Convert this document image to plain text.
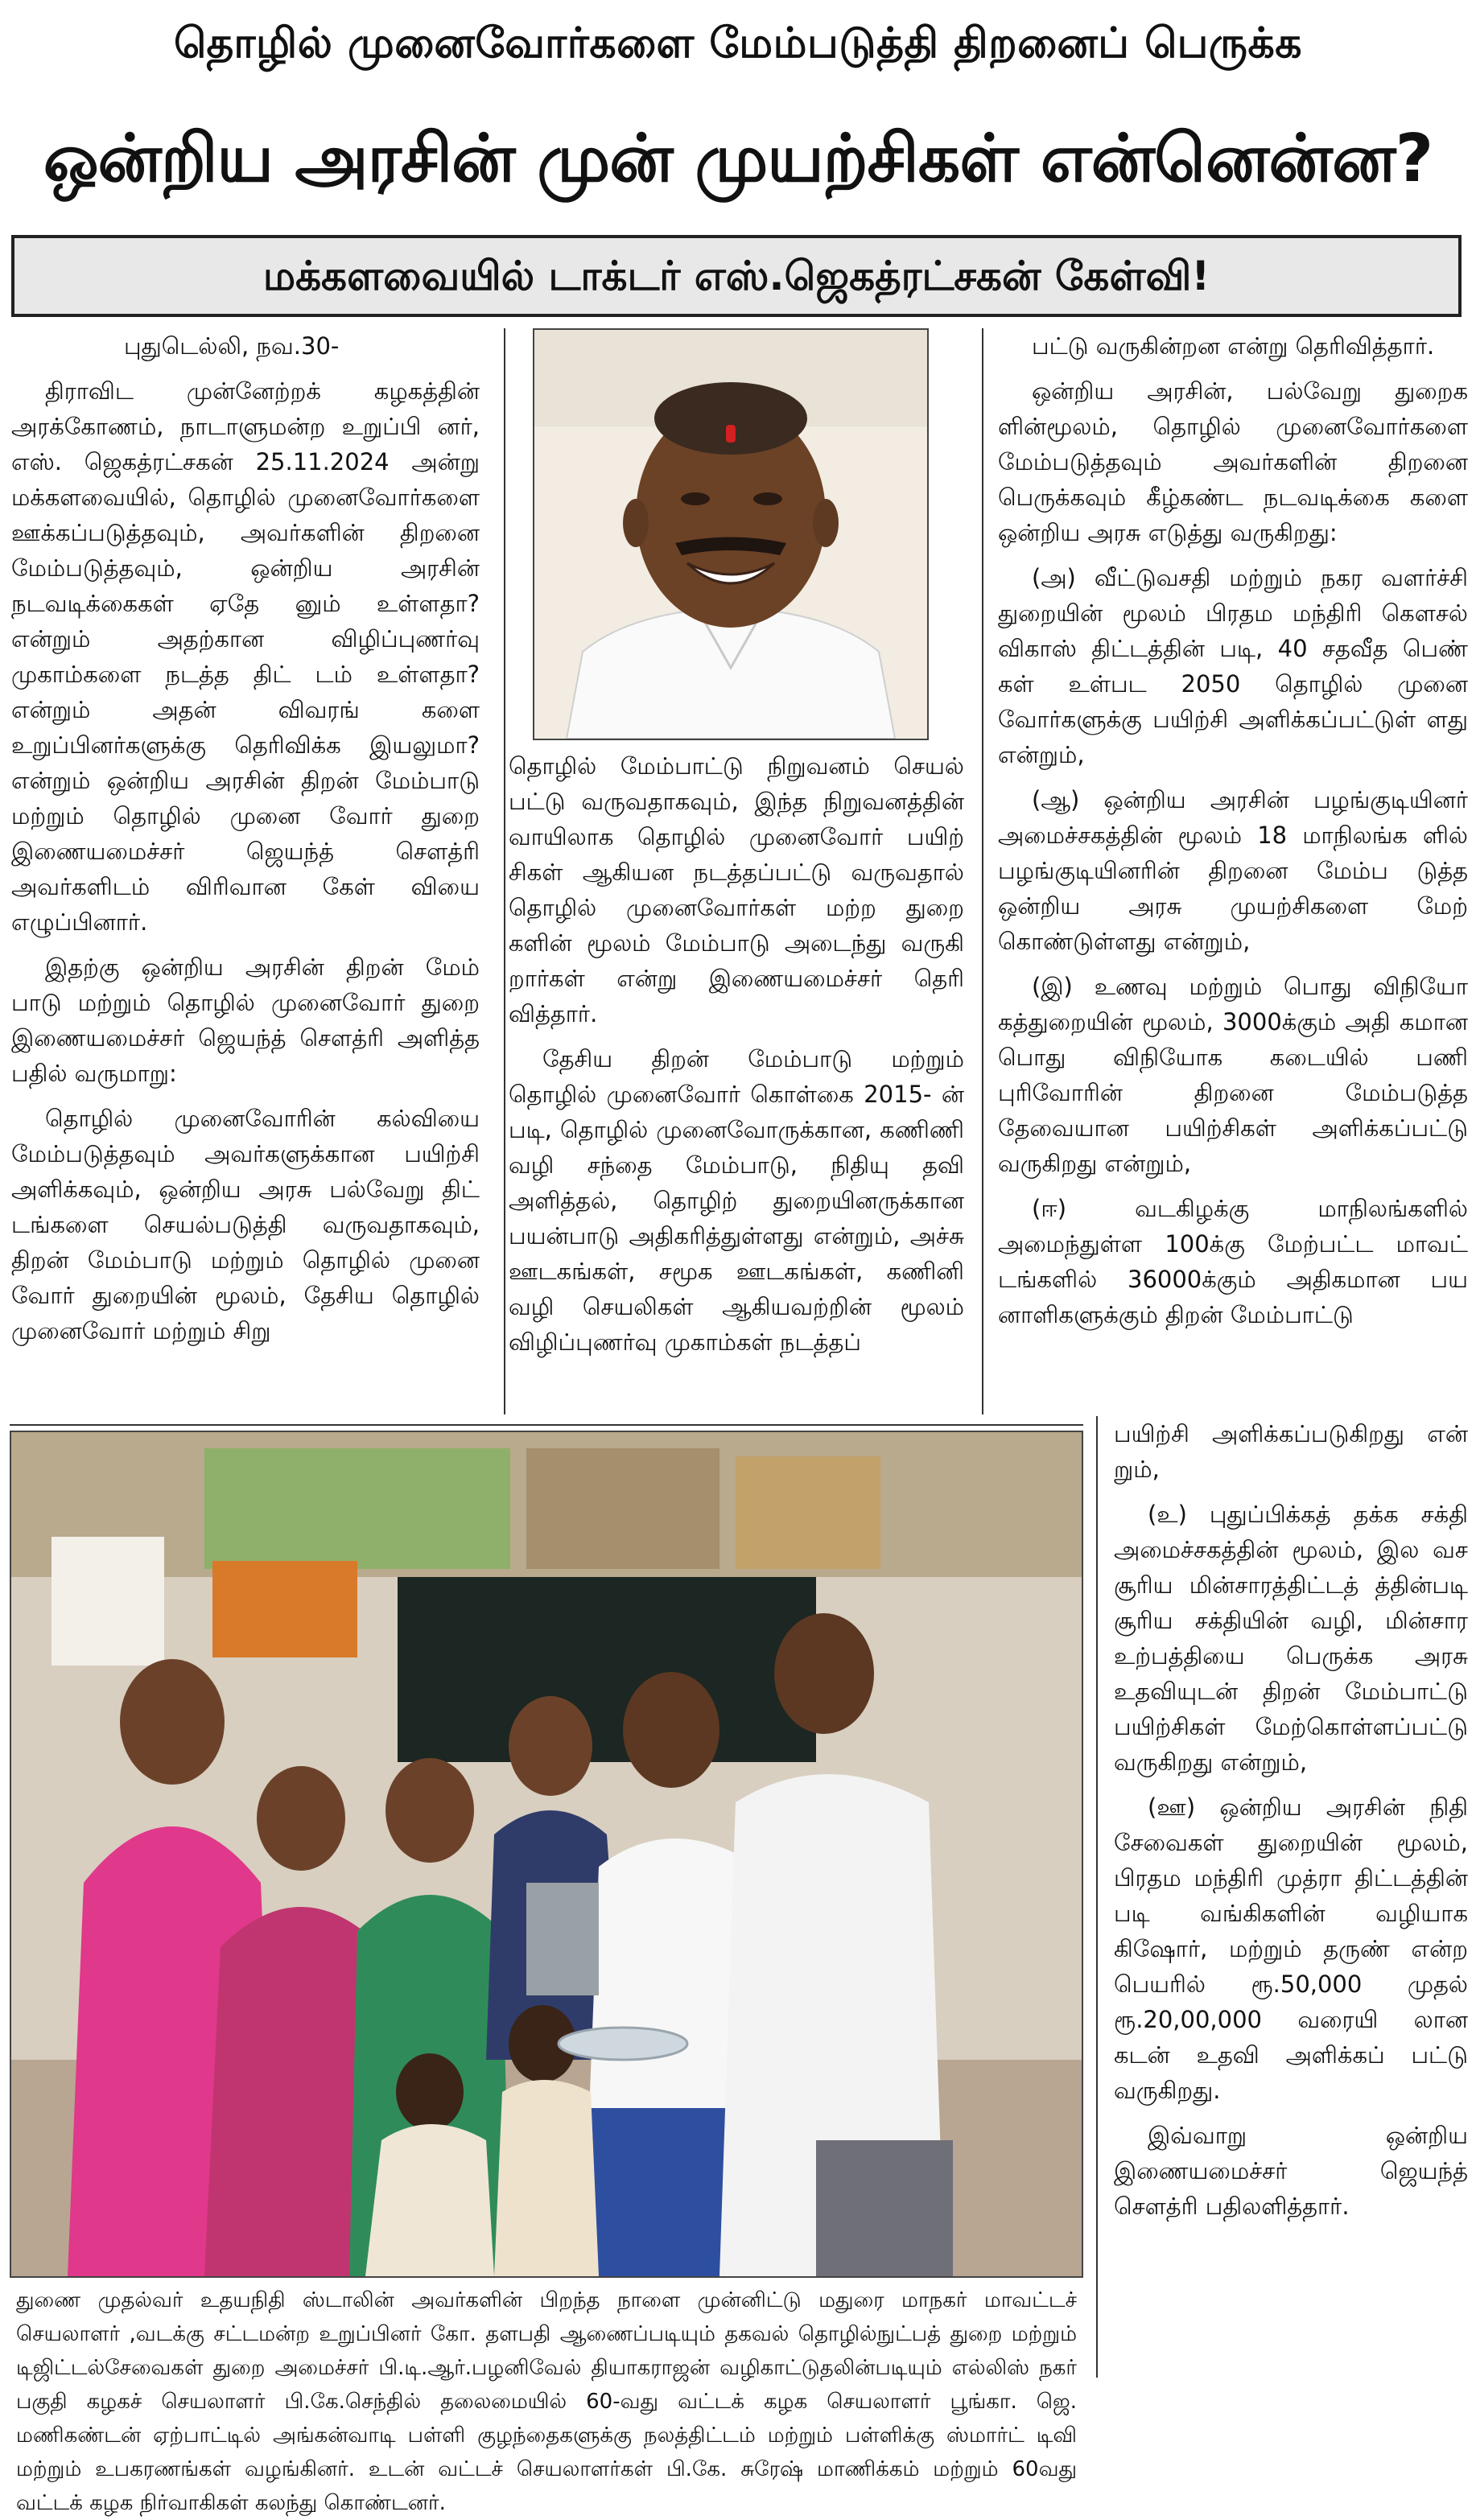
தொழில் முனைவோர்களை மேம்படுத்தி திறனைப் பெருக்க
ஒன்றிய அரசின் முன் முயற்சிகள் என்னென்ன?
மக்களவையில் டாக்டர் எஸ்.ஜெகத்ரட்சகன் கேள்வி!

புதுடெல்லி, நவ.30-

திராவிட முன்னேற்றக் கழகத்தின் அரக்கோணம், நாடாளுமன்ற உறுப்பி னர், எஸ். ஜெகத்ரட்சகன் 25.11.2024 அன்று மக்களவையில், தொழில் முனைவோர்களை ஊக்கப்படுத்தவும், அவர்களின் திறனை மேம்படுத்தவும், ஒன்றிய அரசின் நடவடிக்கைகள் ஏதே னும் உள்ளதா? என்றும் அதற்கான விழிப்புணர்வு முகாம்களை நடத்த திட் டம் உள்ளதா? என்றும் அதன் விவரங் களை உறுப்பினர்களுக்கு தெரிவிக்க இயலுமா? என்றும் ஒன்றிய அரசின் திறன் மேம்பாடு மற்றும் தொழில் முனை வோர் துறை இணையமைச்சர் ஜெயந்த் சௌத்ரி அவர்களிடம் விரிவான கேள் வியை எழுப்பினார்.

இதற்கு ஒன்றிய அரசின் திறன் மேம் பாடு மற்றும் தொழில் முனைவோர் துறை இணையமைச்சர் ஜெயந்த் சௌத்ரி அளித்த பதில் வருமாறு:

தொழில் முனைவோரின் கல்வியை மேம்படுத்தவும் அவர்களுக்கான பயிற்சி அளிக்கவும், ஒன்றிய அரசு பல்வேறு திட் டங்களை செயல்படுத்தி வருவதாகவும், திறன் மேம்பாடு மற்றும் தொழில் முனை வோர் துறையின் மூலம், தேசிய தொழில் முனைவோர் மற்றும் சிறு

தொழில் மேம்பாட்டு நிறுவனம் செயல் பட்டு வருவதாகவும், இந்த நிறுவனத்தின் வாயிலாக தொழில் முனைவோர் பயிற் சிகள் ஆகியன நடத்தப்பட்டு வருவதால் தொழில் முனைவோர்கள் மற்ற துறை களின் மூலம் மேம்பாடு அடைந்து வருகி றார்கள் என்று இணையமைச்சர் தெரி வித்தார்.

தேசிய திறன் மேம்பாடு மற்றும் தொழில் முனைவோர் கொள்கை 2015- ன் படி, தொழில் முனைவோருக்கான, கணிணி வழி சந்தை மேம்பாடு, நிதியு தவி அளித்தல், தொழிற் துறையினருக்கான பயன்பாடு அதிகரித்துள்ளது என்றும், அச்சு ஊடகங்கள், சமூக ஊடகங்கள், கணினி வழி செயலிகள் ஆகியவற்றின் மூலம் விழிப்புணர்வு முகாம்கள் நடத்தப்

பட்டு வருகின்றன என்று தெரிவித்தார்.

ஒன்றிய அரசின், பல்வேறு துறைக ளின்மூலம், தொழில் முனைவோர்களை மேம்படுத்தவும் அவர்களின் திறனை பெருக்கவும் கீழ்கண்ட நடவடிக்கை களை ஒன்றிய அரசு எடுத்து வருகிறது:

(அ) வீட்டுவசதி மற்றும் நகர வளர்ச்சி துறையின் மூலம் பிரதம மந்திரி கௌசல் விகாஸ் திட்டத்தின் படி, 40 சதவீத பெண் கள் உள்பட 2050 தொழில் முனை வோர்களுக்கு பயிற்சி அளிக்கப்பட்டுள் ளது என்றும்,

(ஆ) ஒன்றிய அரசின் பழங்குடியினர் அமைச்சகத்தின் மூலம் 18 மாநிலங்க ளில் பழங்குடியினரின் திறனை மேம்ப டுத்த ஒன்றிய அரசு முயற்சிகளை மேற் கொண்டுள்ளது என்றும்,

(இ) உணவு மற்றும் பொது விநியோ கத்துறையின் மூலம், 3000க்கும் அதி கமான பொது விநியோக கடையில் பணி புரிவோரின் திறனை மேம்படுத்த தேவையான பயிற்சிகள் அளிக்கப்பட்டு வருகிறது என்றும்,

(ஈ) வடகிழக்கு மாநிலங்களில் அமைந்துள்ள 100க்கு மேற்பட்ட மாவட் டங்களில் 36000க்கும் அதிகமான பய னாளிகளுக்கும் திறன் மேம்பாட்டு

பயிற்சி அளிக்கப்படுகிறது என் றும்,

(உ) புதுப்பிக்கத் தக்க சக்தி அமைச்சகத்தின் மூலம், இல வச சூரிய மின்சாரத்திட்டத் த்தின்படி சூரிய சக்தியின் வழி, மின்சார உற்பத்தியை பெருக்க அரசு உதவியுடன் திறன் மேம்பாட்டு பயிற்சிகள் மேற்கொள்ளப்பட்டு வருகிறது என்றும்,

(ஊ) ஒன்றிய அரசின் நிதி சேவைகள் துறையின் மூலம், பிரதம மந்திரி முத்ரா திட்டத்தின் படி வங்கிகளின் வழியாக கிஷோர், மற்றும் தருண் என்ற பெயரில் ரூ.50,000 முதல் ரூ.20,00,000 வரையி லான கடன் உதவி அளிக்கப் பட்டு வருகிறது.

இவ்வாறு ஒன்றிய இணையமைச்சர் ஜெயந்த் சௌத்ரி பதிலளித்தார்.

துணை முதல்வர் உதயநிதி ஸ்டாலின் அவர்களின் பிறந்த நாளை முன்னிட்டு மதுரை மாநகர் மாவட்டச் செயலாளர் ,வடக்கு சட்டமன்ற உறுப்பினர் கோ. தளபதி ஆணைப்படியும் தகவல் தொழில்நுட்பத் துறை மற்றும் டிஜிட்டல்சேவைகள் துறை அமைச்சர் பி.டி.ஆர்.பழனிவேல் தியாகராஜன் வழிகாட்டுதலின்படியும் எல்லிஸ் நகர் பகுதி கழகச் செயலாளர் பி.கே.செந்தில் தலைமையில் 60-வது வட்டக் கழக செயலாளர் பூங்கா. ஜெ. மணிகண்டன் ஏற்பாட்டில் அங்கன்வாடி பள்ளி குழந்தைகளுக்கு நலத்திட்டம் மற்றும் பள்ளிக்கு ஸ்மார்ட் டிவி மற்றும் உபகரணங்கள் வழங்கினர். உடன் வட்டச் செயலாளர்கள் பி.கே. சுரேஷ் மாணிக்கம் மற்றும் 60வது வட்டக் கழக நிர்வாகிகள் கலந்து கொண்டனர்.
